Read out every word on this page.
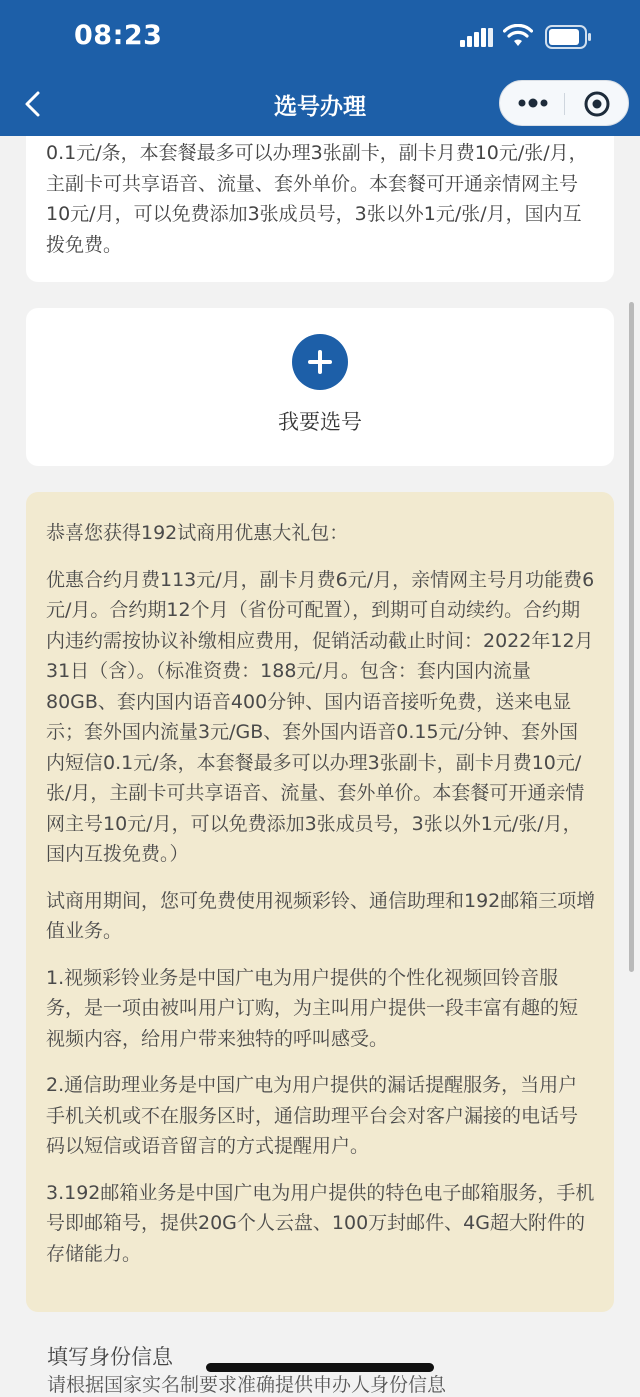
08:23
选号办理
0.1元/条，本套餐最多可以办理3张副卡，副卡月费10元/张/月，主副卡可共享语音、流量、套外单价。本套餐可开通亲情网主号10元/月，可以免费添加3张成员号，3张以外1元/张/月，国内互拨免费。
我要选号

恭喜您获得192试商用优惠大礼包：

优惠合约月费113元/月，副卡月费6元/月，亲情网主号月功能费6元/月。合约期12个月（省份可配置），到期可自动续约。合约期内违约需按协议补缴相应费用，促销活动截止时间：2022年12月31日（含）。（标准资费：188元/月。包含：套内国内流量80GB、套内国内语音400分钟、国内语音接听免费，送来电显示；套外国内流量3元/GB、套外国内语音0.15元/分钟、套外国内短信0.1元/条，本套餐最多可以办理3张副卡，副卡月费10元/张/月，主副卡可共享语音、流量、套外单价。本套餐可开通亲情网主号10元/月，可以免费添加3张成员号，3张以外1元/张/月，国内互拨免费。）

试商用期间，您可免费使用视频彩铃、通信助理和192邮箱三项增值业务。

1.视频彩铃业务是中国广电为用户提供的个性化视频回铃音服务，是一项由被叫用户订购，为主叫用户提供一段丰富有趣的短视频内容，给用户带来独特的呼叫感受。

2.通信助理业务是中国广电为用户提供的漏话提醒服务，当用户手机关机或不在服务区时，通信助理平台会对客户漏接的电话号码以短信或语音留言的方式提醒用户。

3.192邮箱业务是中国广电为用户提供的特色电子邮箱服务，手机号即邮箱号，提供20G个人云盘、100万封邮件、4G超大附件的存储能力。

填写身份信息
请根据国家实名制要求准确提供申办人身份信息
